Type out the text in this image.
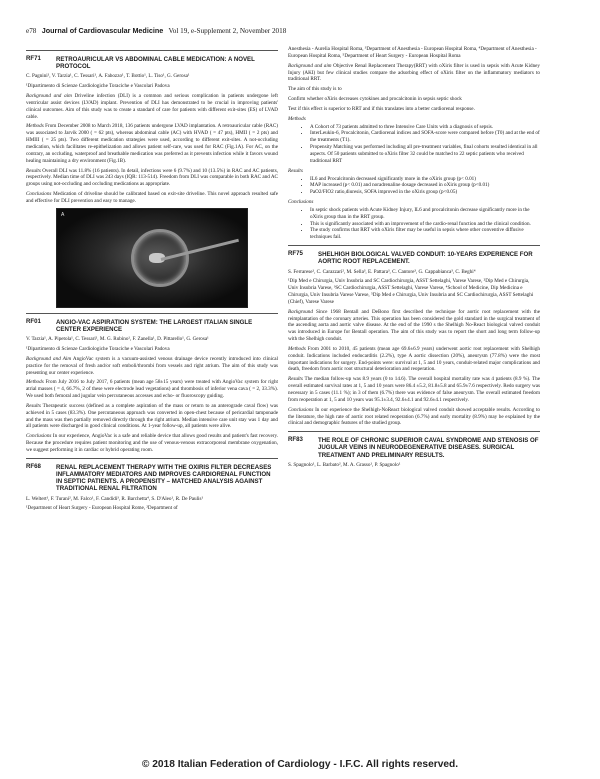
e78 Journal of Cardiovascular Medicine Vol 19, e-Supplement 2, November 2018
RF71	RETROAURICULAR VS ABDOMINAL CABLE MEDICATION: A NOVEL PROTOCOL
C. Pagnini¹, V. Tarzia¹, C. Tessari¹, A. Fabozzo¹, T. Bottio¹, L. Tiso¹, G. Gerosa¹
¹Dipartimento di Scienze Cardiologiche Toraciche e Vascolari Padova

Background and aim Driveline infection (DLI) is a common and serious complication in patients undergone left ventricular assist devices (LVAD) implant. Prevention of DLI has demonstrated to be crucial in improving patients' clinical outcomes. Aim of this study was to create a standard of care for patients with different exit-sites (ES) of LVAD cable.

Methods From December 2008 to March 2018, 136 patients undergone LVAD implantation. A retroauricular cable (RAC) was associated to Jarvik 2000 ( = 62 pts), whereas abdominal cable (AC) with HVAD ( = 47 pts), HMII ( = 2 pts) and HMIII ( = 25 pts). Two different medication strategies were used, according to different exit-sites. A not-occluding medication, which facilitates re-epithelization and allows patient self-care, was used for RAC (Fig.1A). For AC, on the contrary, an occluding, waterproof and breathable medication was preferred as it prevents infection while it favors wound healing maintaining a dry environment (Fig.1B).

Results Overall DLI was 11.8% (16 patients). In detail, infections were 6 (9.7%) and 10 (13.5%) in RAC and AC patients, respectively. Median time of DLI was 243 days (IQR: 113-514). Freedom from DLI was comparable in both RAC and AC groups using not-occluding and occluding medications as appropriate.

Conclusions Medication of driveline should be calibrated based on exit-site driveline. This novel approach resulted safe and effective for DLI prevention and easy to manage.

A
RF01	ANGIO-VAC ASPIRATION SYSTEM: THE LARGEST ITALIAN SINGLE CENTER EXPERIENCE
V. Tarzia¹, A. Pipetola¹, C. Tessari¹, M. G. Rubino¹, F. Zanella¹, D. Pittarello¹, G. Gerosa¹
¹Dipartimento di Scienze Cardiologiche Toraciche e Vascolari Padova

Background and Aim AngioVac system is a vacuum-assisted venous drainage device recently introduced into clinical practice for the removal of fresh and/or soft emboli/thrombi from vessels and right atrium. The aim of this study was presenting our center experience.

Methods From July 2016 to July 2017, 6 patients (mean age 58±15 years) were treated with AngioVac system for right atrial masses ( = 4, 66.7%, 2 of these were electrode lead vegetations) and thrombosis of inferior vena cava ( = 2, 33.3%). We used both femoral and jugular vein percutaneous accesses and echo- or fluoroscopy guiding.

Results Therapeutic success (defined as a complete aspiration of the mass or return to an anterograde caval flow) was achieved in 5 cases (83.3%). One percutaneous approach was converted in open-chest because of pericardial tamponade and the mass was then partially removed directly through the right atrium. Median intensive care unit stay was 1 day and all patients were discharged in good clinical conditions. At 1-year follow-up, all patients were alive.

Conclusions In our experience, AngioVac is a safe and reliable device that allows good results and patient's fast recovery. Because the procedure requires patient monitoring and the use of venous-venous extracorporeal membrane oxygenation, we suggest performing it in cardiac or hybrid operating room.

RF68	RENAL REPLACEMENT THERAPY WITH THE OXIRIS FILTER DECREASES INFLAMMATORY MEDIATORS AND IMPROVES CARDIORENAL FUNCTION IN SEPTIC PATIENTS. A PROPENSITY – MATCHED ANALYSIS AGAINST TRADITIONAL RENAL FILTRATION
L. Weltert¹, F. Turani², M. Falco¹, F. Candidi³, R. Barchetta⁴, S. D'Aleo¹, R. De Paulis¹
¹Department of Heart Surgery - European Hospital Rome, ²Department of
Anesthesia - Aurelia Hospital Roma, ³Department of Anesthesia - European Hospital Roma, ⁴Department of Anesthesia - European Hospital Roma, ⁵Department of Heart Surgery - European Hospital Roma

Background and aim Objective Renal Replacement Therapy(RRT) with oXiris filter is used in sepsis with Acute Kidney Injury (AKI) but few clinical studies compare the adsorbing effect of oXiris filter on the inflammatory mediators to traditional RRT.

The aim of this study is to

Confirm whether oXiris decreases cytokines and procalcitonin in sepsis septic shock

Test if this effect is superior to RRT and if this translates into a better cardiorenal response.

Methods
• A Cohort of 73 patients admitted to three Intensive Care Units with a diagnosis of sepsis.
• InterLeukin-6, Procalcitonin, Cardiorenal indices and SOFA-score were compared before (T0) and at the end of the treatments (T1).
• Propensity Matching was performed including all pre-treatment variables, final cohorts resulted identical in all aspects. Of 50 patients submitted to oXiris filter 32 could be matched to 22 septic patients who received traditional RRT
Results
• IL6 and Procalcitonin decreased significantly more in the oXiris group (p< 0.01)
• MAP increased (p< 0.01) and noradrenaline dosage decreased in oXiris group (p<0.01)
• PaO2/FIO2 ratio,diuresis, SOFA improved in the oXiris group (p<0.05)
Conclusions
• In septic shock patients with Acute Kidney Injury, IL6 and procalcitonin decrease significantly more in the oXiris group than in the RRT group.
• This is significantly associated with an improvement of the cardio-renal function and the clinical condition.
• The study confirms that RRT with oXiris filter may be useful in sepsis where other conventive diffusive techniques fail.
RF75	SHELHIGH BIOLOGICAL VALVED CONDUIT: 10-YEARS EXPERIENCE FOR AORTIC ROOT REPLACEMENT.
S. Ferrarese¹, C. Carazzari², M. Sella³, E. Pattara³, C. Cantore³, G. Cappabianca³, C. Beghi⁴
¹Dip Med e Chirurgia, Univ Insubria and SC Cardiochirurgia, ASST Settelaghi, Varese Varese, ²Dip Med e Chirurgia, Univ Insubria Varese, ³SC Cardiochirurgia, ASST Settelaghi, Varese Varese, ⁴School of Medicine, Dip Medicina e Chirurgia, Univ Insubria Varese Varese, ⁵Dip Med e Chirurgia, Univ Insubria and SC Cardiochirurgia, ASST Settelaghi (Chief), Varese Varese

Background Since 1968 Bentall and DeBono first described the technique for aortic root replacement with the reimplantation of the coronary arteries. This operation has been considered the gold standard in the surgical treatment of the ascending aorta and aortic valve disease. At the end of the 1990 s the Shelhigh No-React biological valved conduit was introduced in Europe for Bentall operation. The aim of this study was to report the short and long term follow-up with the Shelhigh conduit.

Methods From 2001 to 2010, 45 patients (mean age 69.6±6.9 years) underwent aortic root replacement with Shelhigh conduit. Indications included endocarditis (2.2%), type A aortic dissection (20%), aneurysm (77.8%) were the most important indications for surgery. End-points were: survival at 1, 5 and 10 years, conduit-related major complications and death, freedom from aortic root structural deterioration and reoperation.

Results The median follow-up was 8.9 years (0 to 14.6). The overall hospital mortality rate was 4 patients (8.9 %). The overall estimated survival rates at 1, 5 and 10 years were 86.4 ±5.2, 81.8±5.8 and 65.9±7.6 respectively. Redo surgery was necessary in 5 cases (11.1 %); in 3 of them (6.7%) there was evidence of false aneurysm. The overall estimated freedom from reoperation at 1, 5 and 10 years was 95.1±3.4, 92.6±4.1 and 92.6±4.1 respectively.

Conclusions In our experience the Shelhigh-NoReact biological valved conduit showed acceptable results. According to the literature, the high rate of aortic root related reoperation (6.7%) and early mortality (8.9%) may be explained by the clinical and demographic features of the studied group.

RF83	THE ROLE OF CHRONIC SUPERIOR CAVAL SYNDROME AND STENOSIS OF JUGULAR VEINS IN NEURODEGENERATIVE DISEASES. SURGICAL TREATMENT AND PRELIMINARY RESULTS.
S. Spagnolo¹, L. Barbato², M. A. Grasso¹, P. Spagnolo¹
© 2018 Italian Federation of Cardiology - I.F.C. All rights reserved.
